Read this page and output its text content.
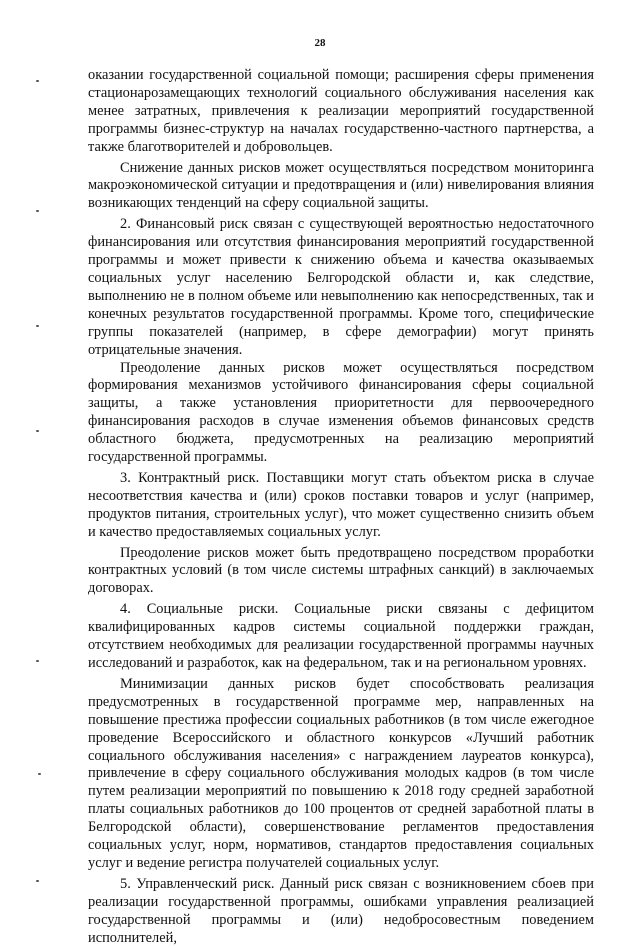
28

оказании государственной социальной помощи; расширения сферы применения стационарозамещающих технологий социального обслуживания населения как менее затратных, привлечения к реализации мероприятий государственной программы бизнес-структур на началах государственно-частного партнерства, а также благотворителей и добровольцев.

Снижение данных рисков может осуществляться посредством мониторинга макроэкономической ситуации и предотвращения и (или) нивелирования влияния возникающих тенденций на сферу социальной защиты.

2. Финансовый риск связан с существующей вероятностью недостаточного финансирования или отсутствия финансирования мероприятий государственной программы и может привести к снижению объема и качества оказываемых социальных услуг населению Белгородской области и, как следствие, выполнению не в полном объеме или невыполнению как непосредственных, так и конечных результатов государственной программы. Кроме того, специфические группы показателей (например, в сфере демографии) могут принять отрицательные значения.

Преодоление данных рисков может осуществляться посредством формирования механизмов устойчивого финансирования сферы социальной защиты, а также установления приоритетности для первоочередного финансирования расходов в случае изменения объемов финансовых средств областного бюджета, предусмотренных на реализацию мероприятий государственной программы.

3. Контрактный риск. Поставщики могут стать объектом риска в случае несоответствия качества и (или) сроков поставки товаров и услуг (например, продуктов питания, строительных услуг), что может существенно снизить объем и качество предоставляемых социальных услуг.

Преодоление рисков может быть предотвращено посредством проработки контрактных условий (в том числе системы штрафных санкций) в заключаемых договорах.

4. Социальные риски. Социальные риски связаны с дефицитом квалифицированных кадров системы социальной поддержки граждан, отсутствием необходимых для реализации государственной программы научных исследований и разработок, как на федеральном, так и на региональном уровнях.

Минимизации данных рисков будет способствовать реализация предусмотренных в государственной программе мер, направленных на повышение престижа профессии социальных работников (в том числе ежегодное проведение Всероссийского и областного конкурсов «Лучший работник социального обслуживания населения» с награждением лауреатов конкурса), привлечение в сферу социального обслуживания молодых кадров (в том числе путем реализации мероприятий по повышению к 2018 году средней заработной платы социальных работников до 100 процентов от средней заработной платы в Белгородской области), совершенствование регламентов предоставления социальных услуг, норм, нормативов, стандартов предоставления социальных услуг и ведение регистра получателей социальных услуг.

5. Управленческий риск. Данный риск связан с возникновением сбоев при реализации государственной программы, ошибками управления реализацией государственной программы и (или) недобросовестным поведением исполнителей,
